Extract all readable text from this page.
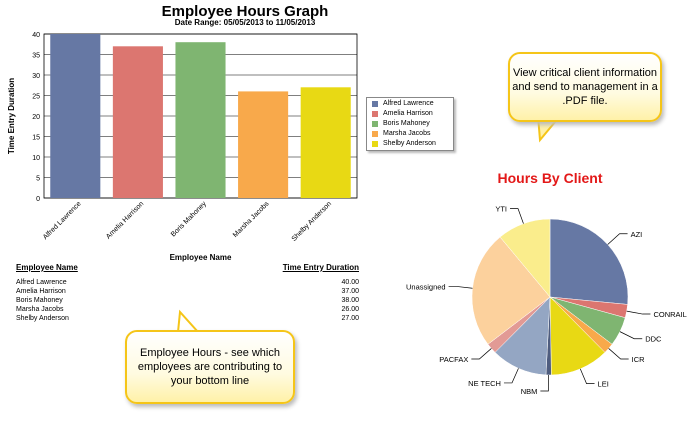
Employee Hours Graph
Date Range: 05/05/2013 to 11/05/2013
0
5
10
15
20
25
30
35
40
Alfred Lawrence	Amelia Harrison	Boris Mahoney	Marsha Jacobs	Shelby Anderson
Employee Name
Time Entry Duration	Alfred Lawrence
Amelia Harrison
Boris Mahoney
Marsha Jacobs
Shelby Anderson
Employee Name	Time Entry Duration
Alfred Lawrence	40.00
Amelia Harrison	37.00
Boris Mahoney	38.00
Marsha Jacobs	26.00
Shelby Anderson	27.00
View critical client information and send to management in a .PDF file.
Employee Hours - see which employees are contributing to your bottom line
Hours By Client
AZI
CONRAIL
DDC
ICR
LEI
NBM
NE TECH
PACFAX
Unassigned
YTI
